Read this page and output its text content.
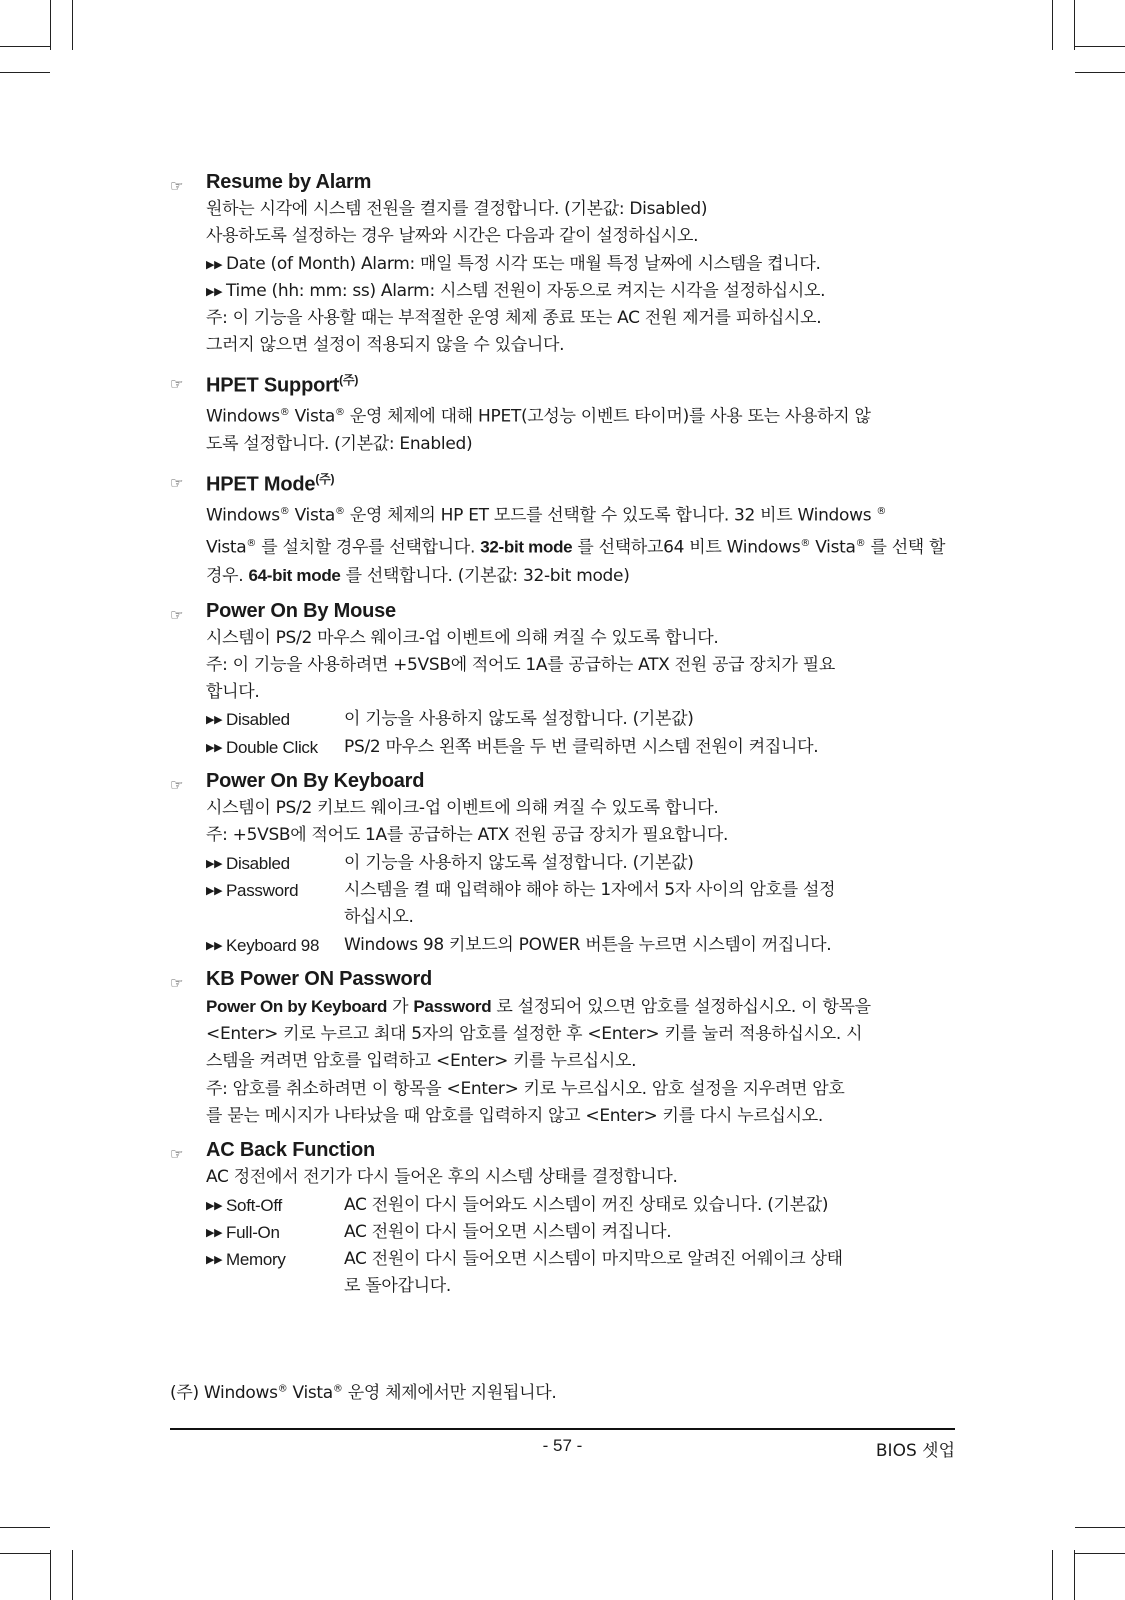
☞ Resume by Alarm
원하는 시각에 시스템 전원을 켤지를 결정합니다. (기본값: Disabled)
사용하도록 설정하는 경우 날짜와 시간은 다음과 같이 설정하십시오.
▶▶ Date (of Month) Alarm: 매일 특정 시각 또는 매월 특정 날짜에 시스템을 켭니다.
▶▶ Time (hh: mm: ss) Alarm: 시스템 전원이 자동으로 켜지는 시각을 설정하십시오.
주: 이 기능을 사용할 때는 부적절한 운영 체제 종료 또는 AC 전원 제거를 피하십시오.
그러지 않으면 설정이 적용되지 않을 수 있습니다.
☞ HPET Support$^{(주)}$
Windows® Vista® 운영 체제에 대해 HPET(고성능 이벤트 타이머)를 사용 또는 사용하지 않
도록 설정합니다. (기본값: Enabled)
☞ HPET Mode$^{(주)}$
Windows® Vista® 운영 체제의 HP ET 모드를 선택할 수 있도록 합니다. 32 비트 Windows ®
Vista® 를 설치할 경우를 선택합니다. 32-bit mode 를 선택하고64 비트 Windows® Vista® 를 선택 할
경우. 64-bit mode 를 선택합니다. (기본값: 32-bit mode)
☞ Power On By Mouse
시스템이 PS/2 마우스 웨이크-업 이벤트에 의해 켜질 수 있도록 합니다.
주: 이 기능을 사용하려면 +5VSB에 적어도 1A를 공급하는 ATX 전원 공급 장치가 필요
합니다.
▶▶ Disabled	이 기능을 사용하지 않도록 설정합니다. (기본값)
▶▶ Double Click	PS/2 마우스 왼쪽 버튼을 두 번 클릭하면 시스템 전원이 켜집니다.
☞ Power On By Keyboard
시스템이 PS/2 키보드 웨이크-업 이벤트에 의해 켜질 수 있도록 합니다.
주: +5VSB에 적어도 1A를 공급하는 ATX 전원 공급 장치가 필요합니다.
▶▶ Disabled	이 기능을 사용하지 않도록 설정합니다. (기본값)
▶▶ Password	시스템을 켤 때 입력해야 해야 하는 1자에서 5자 사이의 암호를 설정
하십시오.
▶▶ Keyboard 98	Windows 98 키보드의 POWER 버튼을 누르면 시스템이 꺼집니다.
☞ KB Power ON Password
Power On by Keyboard 가 Password 로 설정되어 있으면 암호를 설정하십시오. 이 항목을
<Enter> 키로 누르고 최대 5자의 암호를 설정한 후 <Enter> 키를 눌러 적용하십시오. 시
스템을 켜려면 암호를 입력하고 <Enter> 키를 누르십시오.
주: 암호를 취소하려면 이 항목을 <Enter> 키로 누르십시오. 암호 설정을 지우려면 암호
를 묻는 메시지가 나타났을 때 암호를 입력하지 않고 <Enter> 키를 다시 누르십시오.
☞ AC Back Function
AC 정전에서 전기가 다시 들어온 후의 시스템 상태를 결정합니다.
▶▶ Soft-Off	AC 전원이 다시 들어와도 시스템이 꺼진 상태로 있습니다. (기본값)
▶▶ Full-On	AC 전원이 다시 들어오면 시스템이 켜집니다.
▶▶ Memory	AC 전원이 다시 들어오면 시스템이 마지막으로 알려진 어웨이크 상태
로 돌아갑니다.
(주) Windows® Vista® 운영 체제에서만 지원됩니다.
- 57 -	BIOS 셋업
